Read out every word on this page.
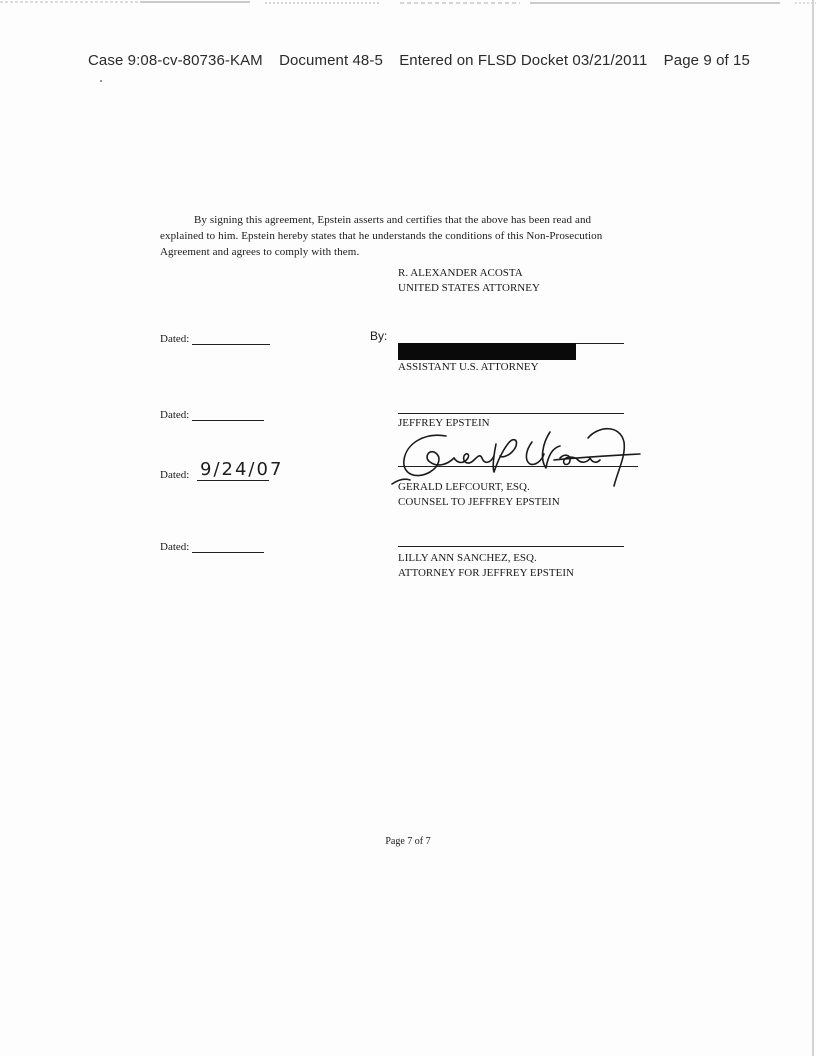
Case 9:08-cv-80736-KAM Document 48-5 Entered on FLSD Docket 03/21/2011 Page 9 of 15

By signing this agreement, Epstein asserts and certifies that the above has been read and explained to him. Epstein hereby states that he understands the conditions of this Non-Prosecution Agreement and agrees to comply with them.

R. ALEXANDER ACOSTA
UNITED STATES ATTORNEY
Dated:	By:
ASSISTANT U.S. ATTORNEY
Dated:
JEFFREY EPSTEIN
Dated: 9/24/07
GERALD LEFCOURT, ESQ.
COUNSEL TO JEFFREY EPSTEIN
Dated:
LILLY ANN SANCHEZ, ESQ.
ATTORNEY FOR JEFFREY EPSTEIN
Page 7 of 7
